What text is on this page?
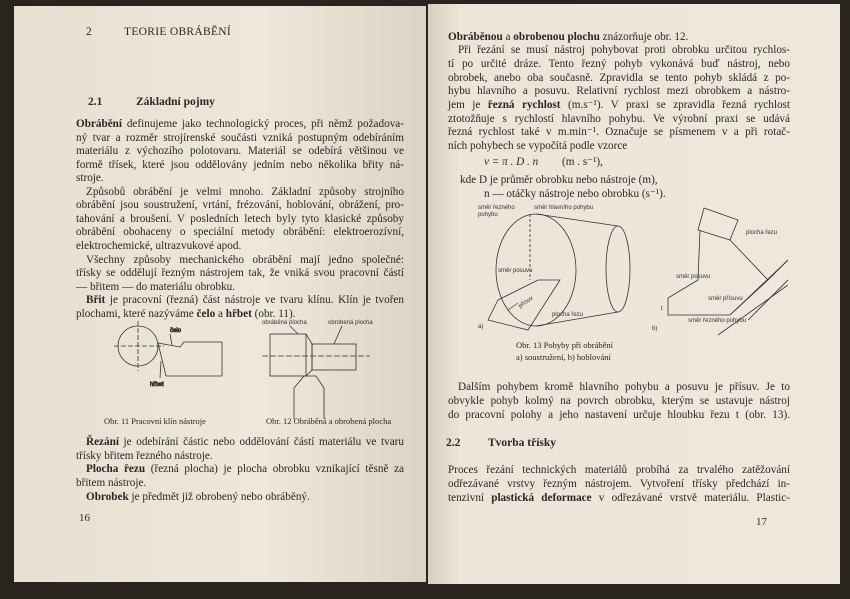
2	TEORIE OBRÁBĚNÍ
2.1	Základní pojmy
Obrábění definujeme jako technologický proces, při němž požadova-
ný tvar a rozměr strojírenské součásti vzniká postupným odebíráním
materiálu z výchozího polotovaru. Materiál se odebírá většinou ve
formě třísek, které jsou oddělovány jedním nebo několika břity ná-
stroje.
Způsobů obrábění je velmi mnoho. Základní způsoby strojního
obrábění jsou soustružení, vrtání, frézování, hoblování, obrážení, pro-
tahování a broušení. V posledních letech byly tyto klasické způsoby
obrábění obohaceny o speciální metody obrábění: elektroerozívní,
elektrochemické, ultrazvukové apod.
Všechny způsoby mechanického obrábění mají jedno společné:
třísky se oddělují řezným nástrojem tak, že vniká svou pracovní částí
— břitem — do materiálu obrobku.
Břit je pracovní (řezná) část nástroje ve tvaru klínu. Klín je tvořen
plochami, které nazýváme čelo a hřbet (obr. 11).
Řezání je odebírání částic nebo oddělování částí materiálu ve tvaru
třísky břitem řezného nástroje.
Plocha řezu (řezná plocha) je plocha obrobku vznikající těsně za
břitem nástroje.
Obrobek je předmět již obrobený nebo obráběný.
čelo
hřbet
obráběná plocha	obrobená plocha
Obr. 11 Pracovní klín nástroje	Obr. 12 Obráběná a obrobená plocha
16
Obráběnou a obrobenou plochu znázorňuje obr. 12.
Při řezání se musí nástroj pohybovat proti obrobku určitou rychlos-
tí po určité dráze. Tento řezný pohyb vykonává buď nástroj, nebo
obrobek, anebo oba současně. Zpravidla se tento pohyb skládá z po-
hybu hlavního a posuvu. Relativní rychlost mezi obrobkem a nástro-
jem je řezná rychlost (m.s⁻¹). V praxi se zpravidla řezná rychlost
ztotožňuje s rychlostí hlavního pohybu. Ve výrobní praxi se udává
řezná rychlost také v m.min⁻¹. Označuje se písmenem v a při rotač-
ních pohybech se vypočítá podle vzorce
Dalším pohybem kromě hlavního pohybu a posuvu je přísuv. Je to
obvykle pohyb kolmý na povrch obrobku, kterým se ustavuje nástroj
do pracovní polohy a jeho nastavení určuje hloubku řezu t (obr. 13).
Proces řezání technických materiálů probíhá za trvalého zatěžování
odřezávané vrstvy řezným nástrojem. Vytvoření třísky předchází in-
tenzivní plastická deformace v odřezávané vrstvě materiálu. Plastic-
v = π . D . n (m . s⁻¹),
kde D je průměr obrobku nebo nástroje (m),
n — otáčky nástroje nebo obrobku (s⁻¹).
směr řezného
pohybu
směr hlavního pohybu
směr posuvu
přísuv
plocha řezu
a)
plocha řezu
směr posuvu
směr přísuvu
směr řezného pohybu
t
b)
Obr. 13 Pohyby při obrábění
a) soustružení, b) hoblování
2.2 Tvorba třísky
17
